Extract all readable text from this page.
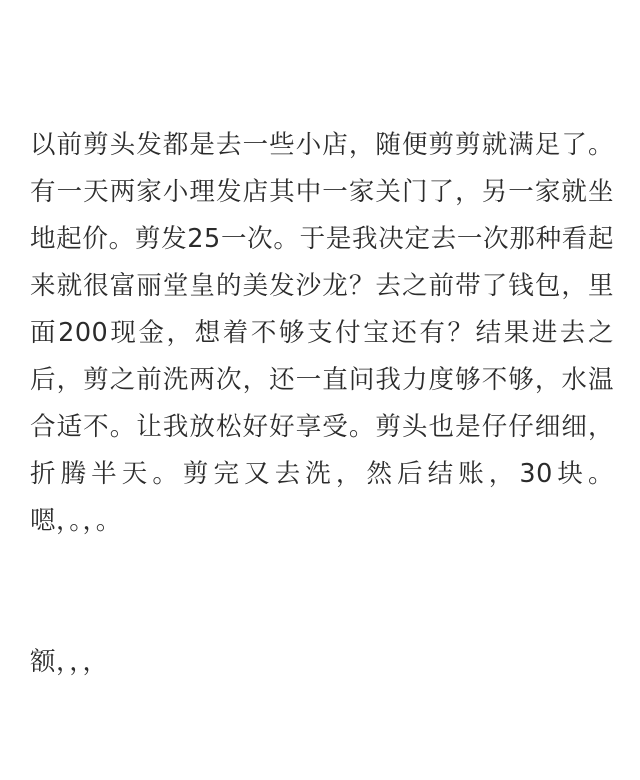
以前剪头发都是去一些小店，随便剪剪就满足了。有一天两家小理发店其中一家关门了，另一家就坐地起价。剪发25一次。于是我决定去一次那种看起来就很富丽堂皇的美发沙龙？去之前带了钱包，里面200现金，想着不够支付宝还有？结果进去之后，剪之前洗两次，还一直问我力度够不够，水温合适不。让我放松好好享受。剪头也是仔仔细细，折腾半天。剪完又去洗，然后结账，30块。嗯，。，。

额，，，
